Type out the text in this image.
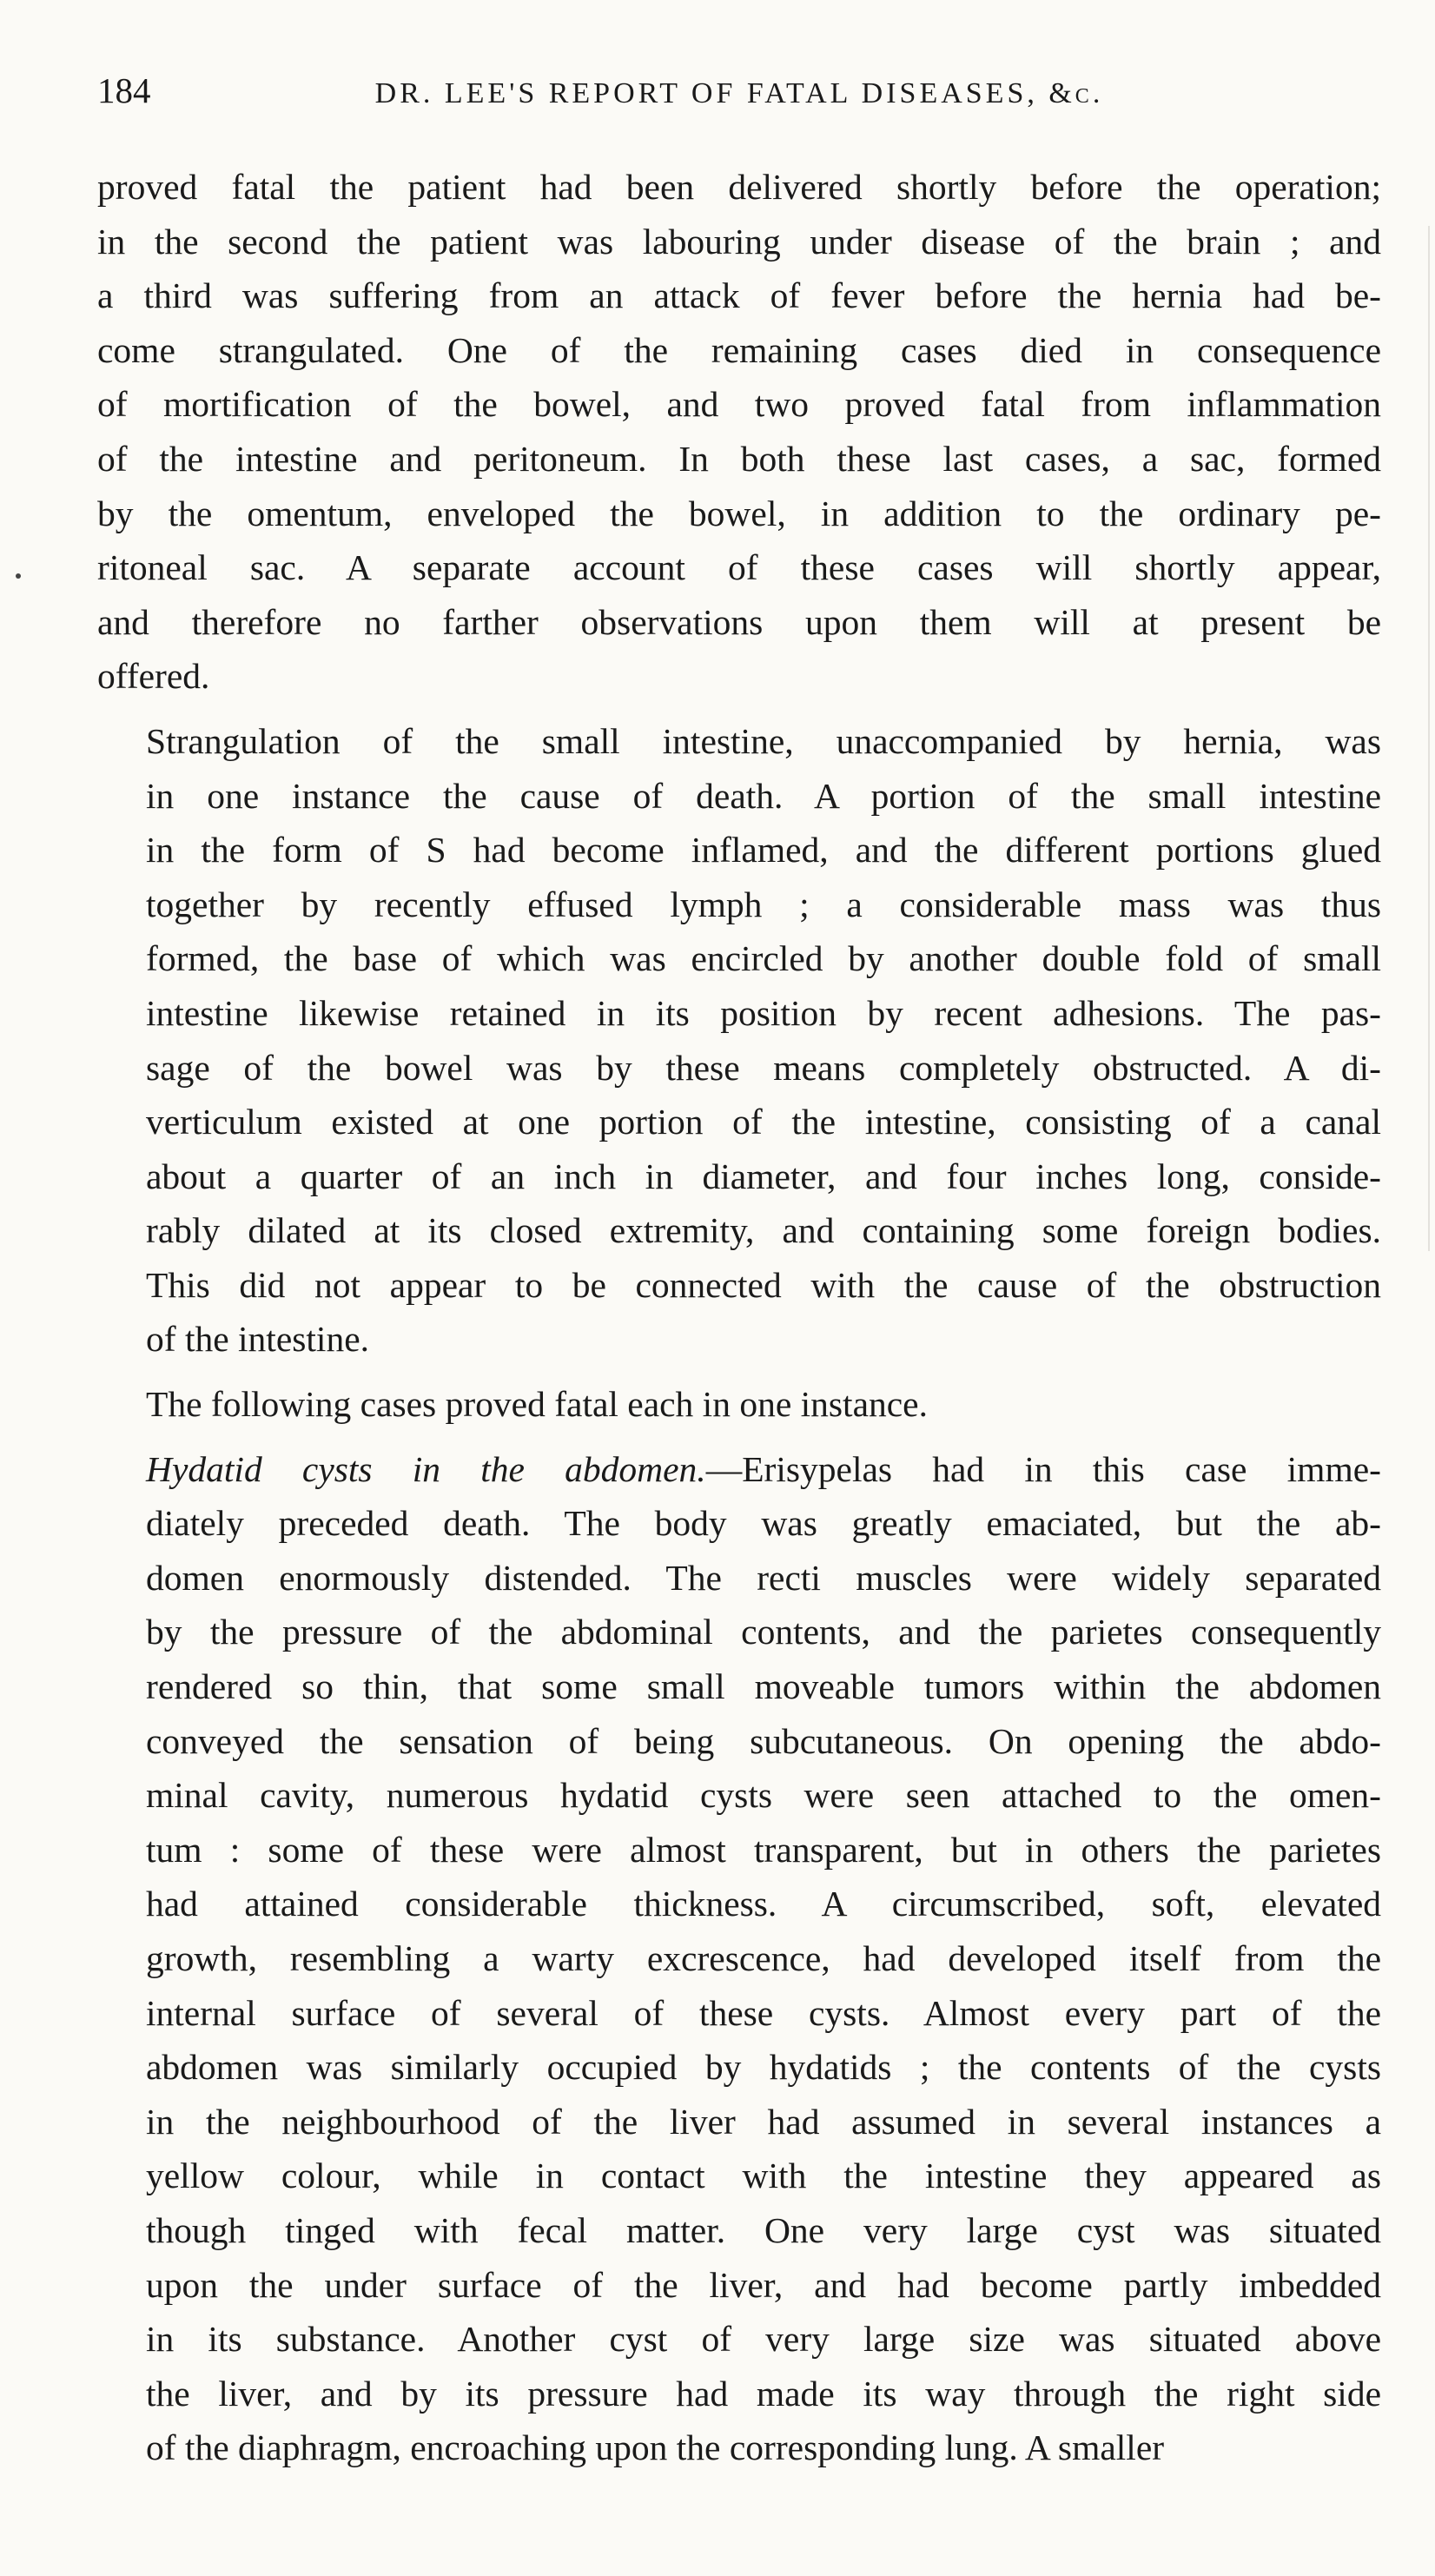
184	DR. LEE'S REPORT OF FATAL DISEASES, &c.
proved fatal the patient had been delivered shortly before the operation;
in the second the patient was labouring under disease of the brain ; and
a third was suffering from an attack of fever before the hernia had be-
come strangulated. One of the remaining cases died in consequence
of mortification of the bowel, and two proved fatal from inflammation
of the intestine and peritoneum. In both these last cases, a sac, formed
by the omentum, enveloped the bowel, in addition to the ordinary pe-
ritoneal sac. A separate account of these cases will shortly appear,
and therefore no farther observations upon them will at present be
offered.
Strangulation of the small intestine, unaccompanied by hernia, was
in one instance the cause of death. A portion of the small intestine
in the form of S had become inflamed, and the different portions glued
together by recently effused lymph ; a considerable mass was thus
formed, the base of which was encircled by another double fold of small
intestine likewise retained in its position by recent adhesions. The pas-
sage of the bowel was by these means completely obstructed. A di-
verticulum existed at one portion of the intestine, consisting of a canal
about a quarter of an inch in diameter, and four inches long, conside-
rably dilated at its closed extremity, and containing some foreign bodies.
This did not appear to be connected with the cause of the obstruction
of the intestine.
The following cases proved fatal each in one instance.
Hydatid cysts in the abdomen.—Erisypelas had in this case imme-
diately preceded death. The body was greatly emaciated, but the ab-
domen enormously distended. The recti muscles were widely separated
by the pressure of the abdominal contents, and the parietes consequently
rendered so thin, that some small moveable tumors within the abdomen
conveyed the sensation of being subcutaneous. On opening the abdo-
minal cavity, numerous hydatid cysts were seen attached to the omen-
tum : some of these were almost transparent, but in others the parietes
had attained considerable thickness. A circumscribed, soft, elevated
growth, resembling a warty excrescence, had developed itself from the
internal surface of several of these cysts. Almost every part of the
abdomen was similarly occupied by hydatids ; the contents of the cysts
in the neighbourhood of the liver had assumed in several instances a
yellow colour, while in contact with the intestine they appeared as
though tinged with fecal matter. One very large cyst was situated
upon the under surface of the liver, and had become partly imbedded
in its substance. Another cyst of very large size was situated above
the liver, and by its pressure had made its way through the right side
of the diaphragm, encroaching upon the corresponding lung. A smaller
